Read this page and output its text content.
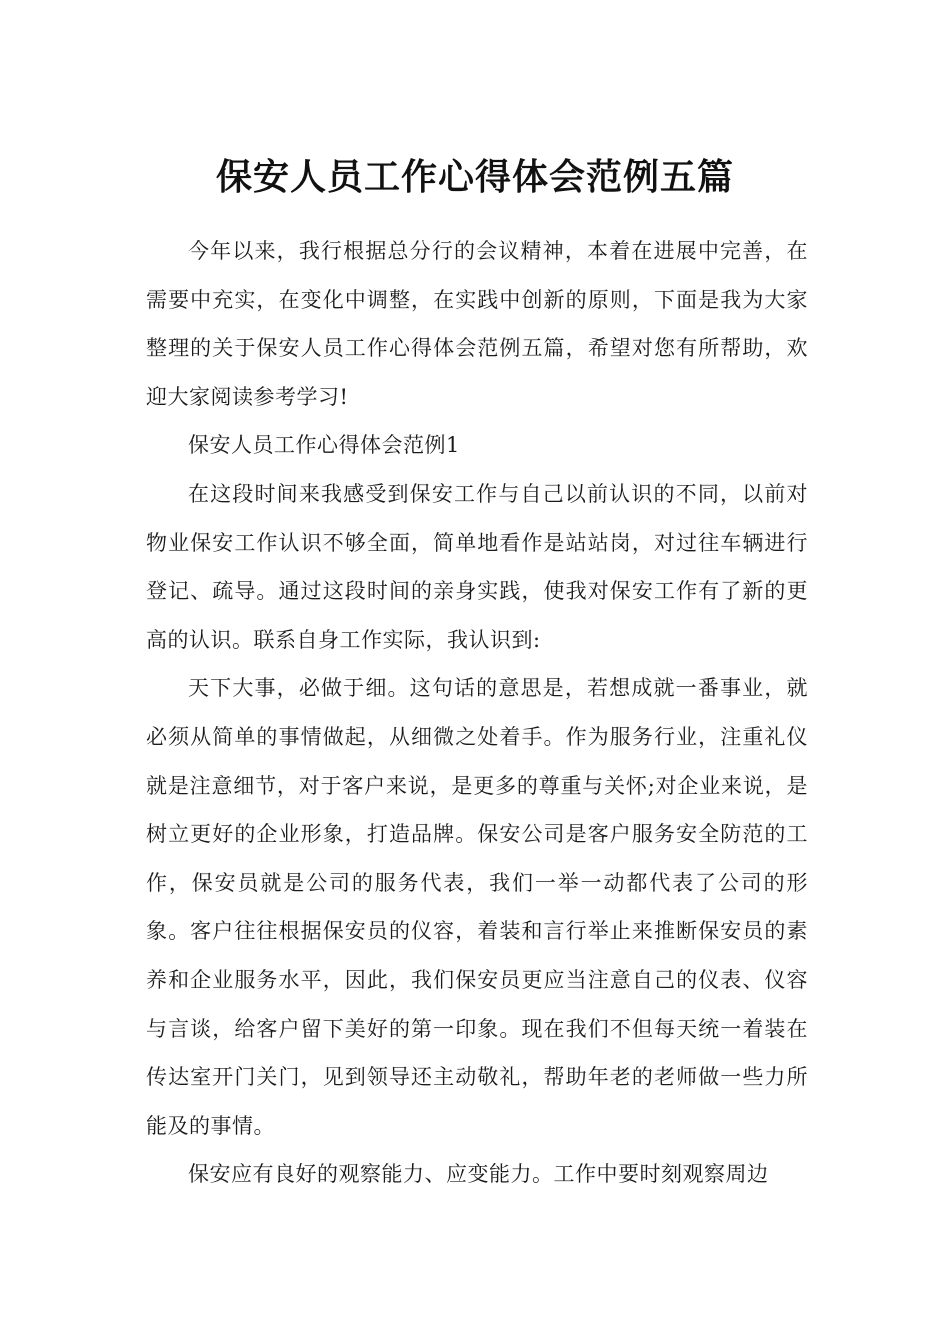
保安人员工作心得体会范例五篇

今年以来，我行根据总分行的会议精神，本着在进展中完善，在需要中充实，在变化中调整，在实践中创新的原则，下面是我为大家整理的关于保安人员工作心得体会范例五篇，希望对您有所帮助，欢迎大家阅读参考学习!

保安人员工作心得体会范例1

在这段时间来我感受到保安工作与自己以前认识的不同，以前对物业保安工作认识不够全面，简单地看作是站站岗，对过往车辆进行登记、疏导。通过这段时间的亲身实践，使我对保安工作有了新的更高的认识。联系自身工作实际，我认识到:

天下大事，必做于细。这句话的意思是，若想成就一番事业，就必须从简单的事情做起，从细微之处着手。作为服务行业，注重礼仪就是注意细节，对于客户来说，是更多的尊重与关怀;对企业来说，是树立更好的企业形象，打造品牌。保安公司是客户服务安全防范的工作，保安员就是公司的服务代表，我们一举一动都代表了公司的形象。客户往往根据保安员的仪容，着装和言行举止来推断保安员的素养和企业服务水平，因此，我们保安员更应当注意自己的仪表、仪容与言谈，给客户留下美好的第一印象。现在我们不但每天统一着装在传达室开门关门，见到领导还主动敬礼，帮助年老的老师做一些力所能及的事情。

保安应有良好的观察能力、应变能力。工作中要时刻观察周边
